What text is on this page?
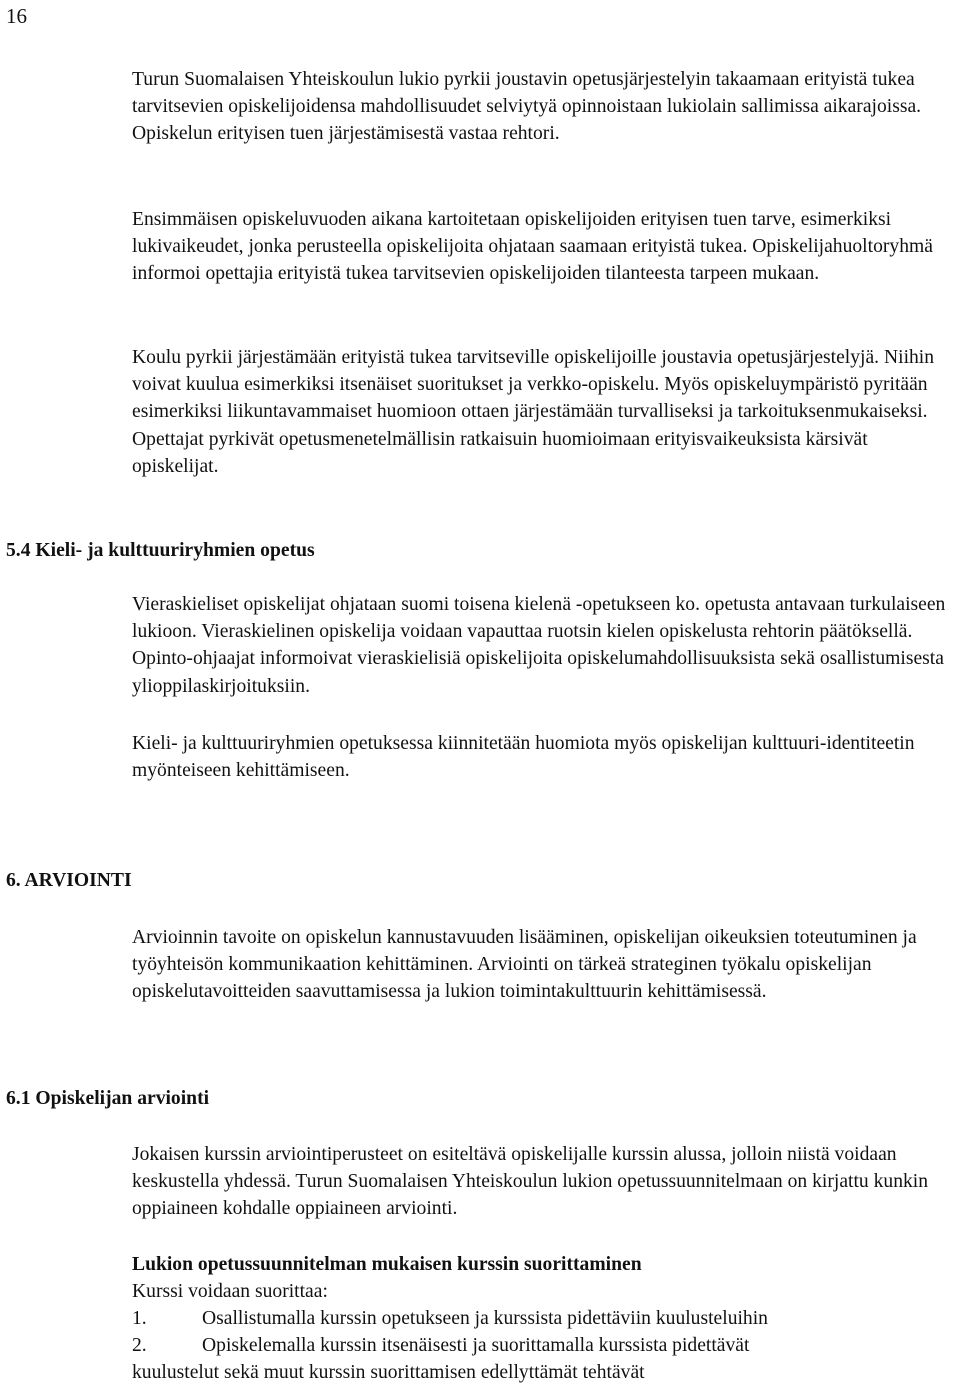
16

Turun Suomalaisen Yhteiskoulun lukio pyrkii joustavin opetusjärjestelyin takaamaan erityistä tukea tarvitsevien opiskelijoidensa mahdollisuudet selviytyä opinnoistaan lukiolain sallimissa aikarajoissa. Opiskelun erityisen tuen järjestämisestä vastaa rehtori.

Ensimmäisen opiskeluvuoden aikana kartoitetaan opiskelijoiden erityisen tuen tarve, esimerkiksi lukivaikeudet, jonka perusteella opiskelijoita ohjataan saamaan erityistä tukea. Opiskelijahuoltoryhmä informoi opettajia erityistä tukea tarvitsevien opiskelijoiden tilanteesta tarpeen mukaan.

Koulu pyrkii järjestämään erityistä tukea tarvitseville opiskelijoille joustavia opetusjärjestelyjä. Niihin voivat kuulua esimerkiksi itsenäiset suoritukset ja verkko-opiskelu. Myös opiskeluympäristö pyritään esimerkiksi liikuntavammaiset huomioon ottaen järjestämään turvalliseksi ja tarkoituksenmukaiseksi. Opettajat pyrkivät opetusmenetelmällisin ratkaisuin huomioimaan erityisvaikeuksista kärsivät opiskelijat.

5.4 Kieli- ja kulttuuriryhmien opetus

Vieraskieliset opiskelijat ohjataan suomi toisena kielenä -opetukseen ko. opetusta antavaan turkulaiseen lukioon. Vieraskielinen opiskelija voidaan vapauttaa ruotsin kielen opiskelusta rehtorin päätöksellä. Opinto-ohjaajat informoivat vieraskielisiä opiskelijoita opiskelumahdollisuuksista sekä osallistumisesta ylioppilaskirjoituksiin.

Kieli- ja kulttuuriryhmien opetuksessa kiinnitetään huomiota myös opiskelijan kulttuuri-identiteetin myönteiseen kehittämiseen.

6. ARVIOINTI

Arvioinnin tavoite on opiskelun kannustavuuden lisääminen, opiskelijan oikeuksien toteutuminen ja työyhteisön kommunikaation kehittäminen. Arviointi on tärkeä strateginen työkalu opiskelijan opiskelutavoitteiden saavuttamisessa ja lukion toimintakulttuurin kehittämisessä.

6.1 Opiskelijan arviointi

Jokaisen kurssin arviointiperusteet on esiteltävä opiskelijalle kurssin alussa, jolloin niistä voidaan keskustella yhdessä. Turun Suomalaisen Yhteiskoulun lukion opetussuunnitelmaan on kirjattu kunkin oppiaineen kohdalle oppiaineen arviointi.

Lukion opetussuunnitelman mukaisen kurssin suorittaminen

Kurssi voidaan suorittaa:

1.	Osallistumalla kurssin opetukseen ja kurssista pidettäviin kuulusteluihin

2.	Opiskelemalla kurssin itsenäisesti ja suorittamalla kurssista pidettävät

kuulustelut sekä muut kurssin suorittamisen edellyttämät tehtävät
